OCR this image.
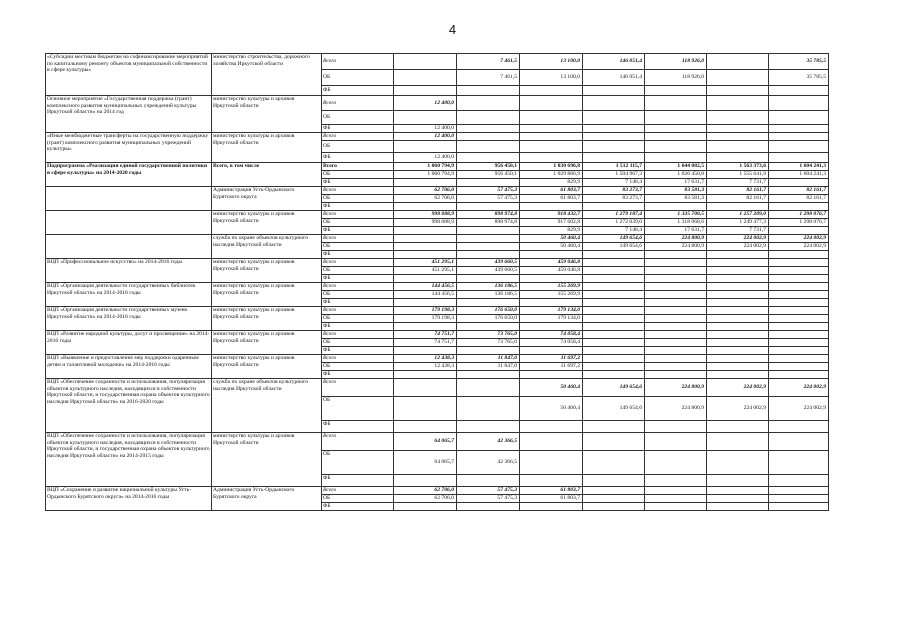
4
«Субсидии местным бюджетам на софинансирование мероприятий по капитальному ремонту объектов муниципальной собственности в сфере культуры»	министерство строительства, дорожного хозяйства Иркутской области	Всего		7 461,5	13 100,0	146 051,4	118 926,0		35 785,5
		ОБ		7 461,5	13 100,0	146 051,4	118 926,0		35 785,5
		ФБ							
Основное мероприятие «Государственная поддержка (грант) комплексного развития муниципальных учреждений культуры Иркутской области» на 2014 год	министерство культуры и архивов Иркутской области	Всего	12 400,0						
		ОБ							
		ФБ	12 400,0						
«Иные межбюджетные трансферты на государственную поддержку (грант) комплексного развития муниципальных учреждений культуры»	министерство культуры и архивов Иркутской области	Всего	12 400,0						
		ОБ							
		ФБ	12 400,0						
Подпрограмма «Реализация единой государственной политики в сфере культуры» на 2014-2020 годы	Всего, в том числе	Всего	1 060 794,9	956 450,1	1 030 696,8	1 512 115,7	1 644 082,5	1 563 373,6	1 604 241,3
		ОБ	1 060 794,9	956 450,1	1 029 866,9	1 504 967,3	1 626 450,8	1 555 641,9	1 604 241,3
		ФБ			829,9	7 148,4	17 631,7	7 731,7	
	Администрация Усть-Ордынского Бурятского округа	Всего	62 706,0	57 475,3	61 803,7	83 273,7	83 581,3	82 161,7	82 161,7
		ОБ	62 706,0	57 475,3	61 803,7	83 273,7	83 581,3	82 161,7	82 161,7
		ФБ							
	министерство культуры и архивов Иркутской области	Всего	998 088,9	898 974,8	918 432,7	1 279 187,4	1 335 700,5	1 257 209,0	1 298 076,7
		ОБ	998 088,9	898 974,8	917 602,8	1 272 039,0	1 318 068,6	1 249 477,3	1 298 076,7
		ФБ			829,9	7 148,4	17 631,7	7 731,7	
	служба по охране объектов культурного наследия Иркутской области	Всего			50 460,4	149 654,6	224 800,9	224 002,9	224 002,9
		ОБ			50 460,4	149 654,6	224 800,9	224 002,9	224 002,9
		ФБ							
ВЦП «Профессиональное искусство» на 2014-2016 годы	министерство культуры и архивов Иркутской области	Всего	451 295,1	439 660,5	459 046,8				
		ОБ	451 295,1	439 660,5	459 046,8				
		ФБ							
ВЦП «Организация деятельности государственных библиотек Иркутской области» на 2014-2016 годы	министерство культуры и архивов Иркутской области	Всего	144 456,5	136 186,5	155 269,9				
		ОБ	144 456,5	136 186,5	155 269,9				
		ФБ							
ВЦП «Организация деятельности государственных музеев Иркутской области» на 2014-2016 годы	министерство культуры и архивов Иркутской области	Всего	179 198,3	176 650,0	179 134,0				
		ОБ	179 198,3	176 650,0	179 134,0				
		ФБ							
ВЦП «Развитие народной культуры, досуг и просвещение» на 2014-2016 годы	министерство культуры и архивов Иркутской области	Всего	74 751,7	73 765,0	74 058,4				
		ОБ	74 751,7	73 765,0	74 058,4				
		ФБ							
ВЦП «Выявление и предоставление мер поддержки одаренным детям и талантливой молодежи» на 2014-2016 годы	министерство культуры и архивов Иркутской области	Всего	12 438,3	11 847,0	11 697,2				
		ОБ	12 438,3	11 847,0	11 697,2				
		ФБ							
ВЦП «Обеспечение сохранности и использования, популяризация объектов культурного наследия, находящихся в собственности Иркутской области, и государственная охрана объектов культурного наследия Иркутской области» на 2016-2020 годы	служба по охране объектов культурного наследия Иркутской области	Всего			50 460,4	149 654,6	224 800,9	224 002,9	224 002,9
		ОБ			50 460,4	149 654,6	224 800,9	224 002,9	224 002,9
		ФБ							
ВЦП «Обеспечение сохранности и использования, популяризация объектов культурного наследия, находящихся в собственности Иркутской области, и государственная охрана объектов культурного наследия Иркутской области» на 2014-2015 годы	министерство культуры и архивов Иркутской области	Всего	64 065,7	42 366,5					
		ОБ	64 065,7	42 366,5					
		ФБ							
ВЦП «Сохранение и развитие национальной культуры Усть-Ордынского Бурятского округа» на 2014-2016 годы	Администрация Усть-Ордынского Бурятского округа	Всего	62 706,0	57 475,3	61 803,7				
		ОБ	62 706,0	57 475,3	61 803,7				
		ФБ							
